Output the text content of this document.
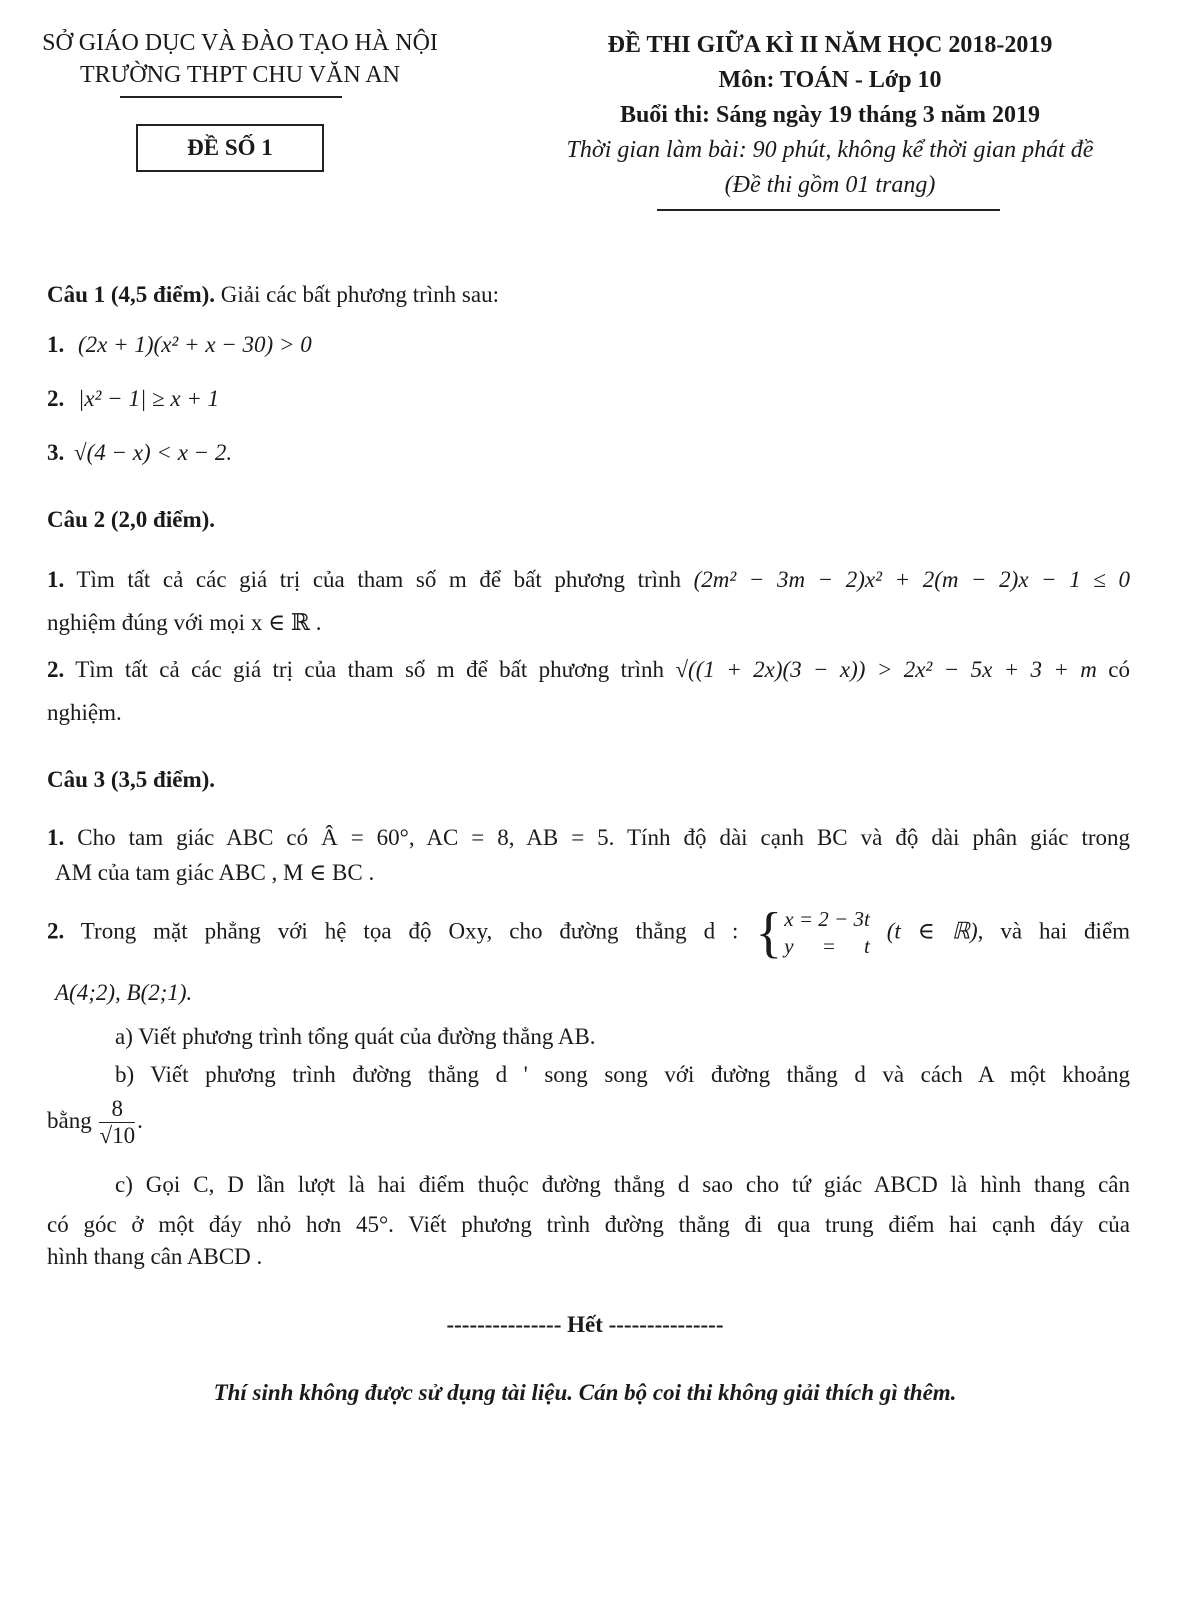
SỞ GIÁO DỤC VÀ ĐÀO TẠO HÀ NỘI
TRƯỜNG THPT CHU VĂN AN
ĐỀ SỐ 1
ĐỀ THI GIỮA KÌ II NĂM HỌC 2018-2019
Môn: TOÁN - Lớp 10
Buổi thi: Sáng ngày 19 tháng 3 năm 2019
Thời gian làm bài: 90 phút, không kể thời gian phát đề
(Đề thi gồm 01 trang)
Câu 1 (4,5 điểm). Giải các bất phương trình sau:
1. (2x + 1)(x² + x − 30) > 0
2. |x² − 1| ≥ x + 1
3. √(4 − x) < x − 2.
Câu 2 (2,0 điểm).
1. Tìm tất cả các giá trị của tham số m để bất phương trình (2m² − 3m − 2)x² + 2(m − 2)x − 1 ≤ 0
nghiệm đúng với mọi x ∈ ℝ .
2. Tìm tất cả các giá trị của tham số m để bất phương trình √((1 + 2x)(3 − x)) > 2x² − 5x + 3 + m có
nghiệm.
Câu 3 (3,5 điểm).
1. Cho tam giác ABC có Â = 60°, AC = 8, AB = 5. Tính độ dài cạnh BC và độ dài phân giác trong
AM của tam giác ABC , M ∈ BC .
2. Trong mặt phẳng với hệ tọa độ Oxy, cho đường thẳng d : { x = 2 − 3t
y = t
(t ∈ ℝ), và hai điểm
A(4;2), B(2;1).
a) Viết phương trình tổng quát của đường thẳng AB.
b) Viết phương trình đường thẳng d ' song song với đường thẳng d và cách A một khoảng
bằng $\frac{8}{√10}$ .
c) Gọi C, D lần lượt là hai điểm thuộc đường thẳng d sao cho tứ giác ABCD là hình thang cân
có góc ở một đáy nhỏ hơn 45°. Viết phương trình đường thẳng đi qua trung điểm hai cạnh đáy của
hình thang cân ABCD .
--------------- Hết ---------------
Thí sinh không được sử dụng tài liệu. Cán bộ coi thi không giải thích gì thêm.
